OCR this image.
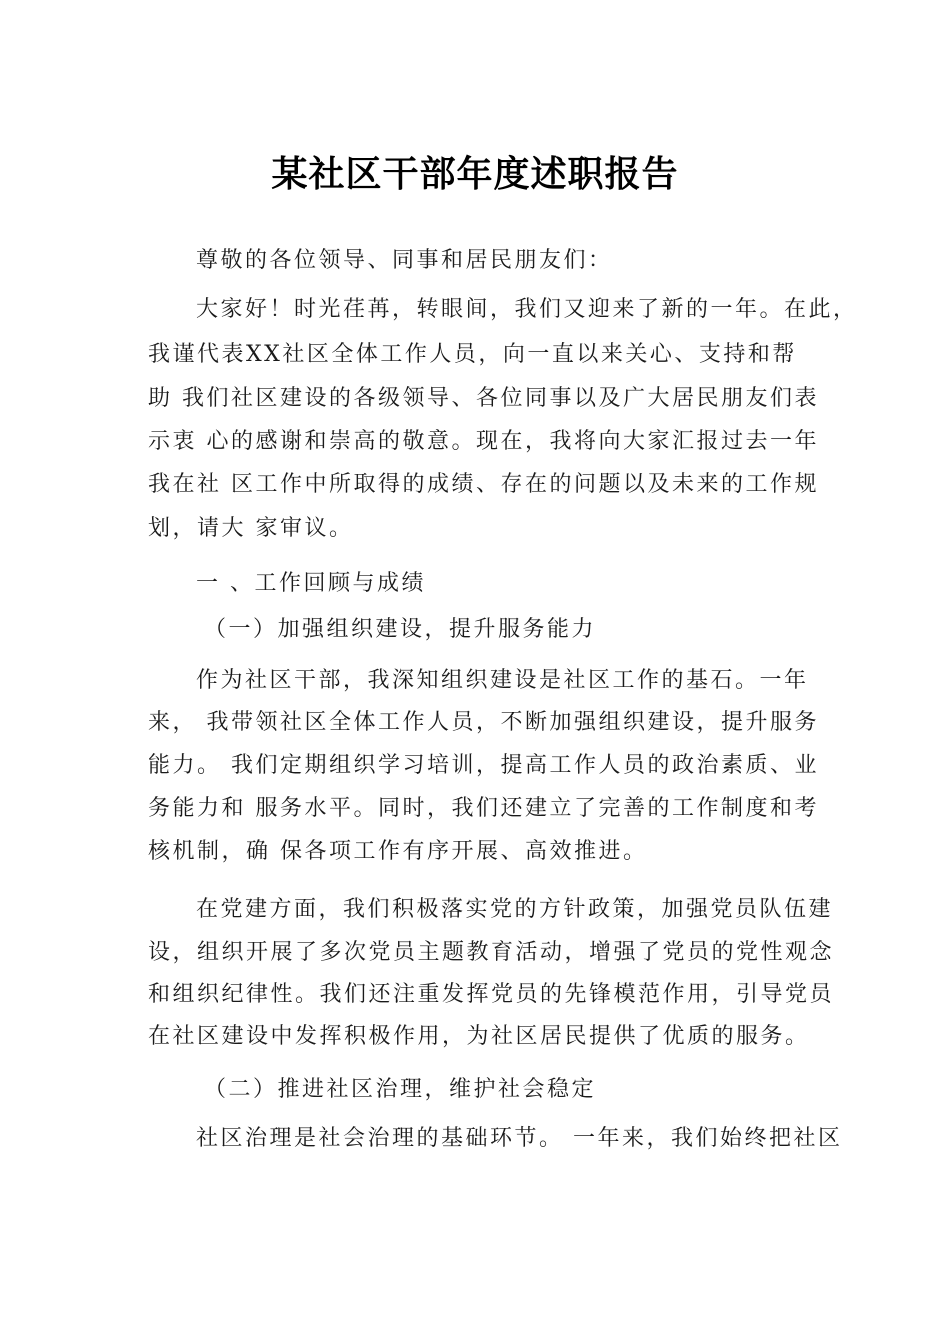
某社区干部年度述职报告
尊敬的各位领导、同事和居民朋友们：
大家好！时光荏苒，转眼间，我们又迎来了新的一年。在此，
我谨代表XX社区全体工作人员，向一直以来关心、支持和帮
助 我们社区建设的各级领导、各位同事以及广大居民朋友们表
示衷 心的感谢和崇高的敬意。现在，我将向大家汇报过去一年
我在社 区工作中所取得的成绩、存在的问题以及未来的工作规
划，请大 家审议。
一 、工作回顾与成绩
（一）加强组织建设，提升服务能力
作为社区干部，我深知组织建设是社区工作的基石。一年
来， 我带领社区全体工作人员，不断加强组织建设，提升服务
能力。 我们定期组织学习培训，提高工作人员的政治素质、业
务能力和 服务水平。同时，我们还建立了完善的工作制度和考
核机制，确 保各项工作有序开展、高效推进。
在党建方面，我们积极落实党的方针政策，加强党员队伍建
设，组织开展了多次党员主题教育活动，增强了党员的党性观念
和组织纪律性。我们还注重发挥党员的先锋模范作用，引导党员
在社区建设中发挥积极作用，为社区居民提供了优质的服务。
（二）推进社区治理，维护社会稳定
社区治理是社会治理的基础环节。 一年来，我们始终把社区
